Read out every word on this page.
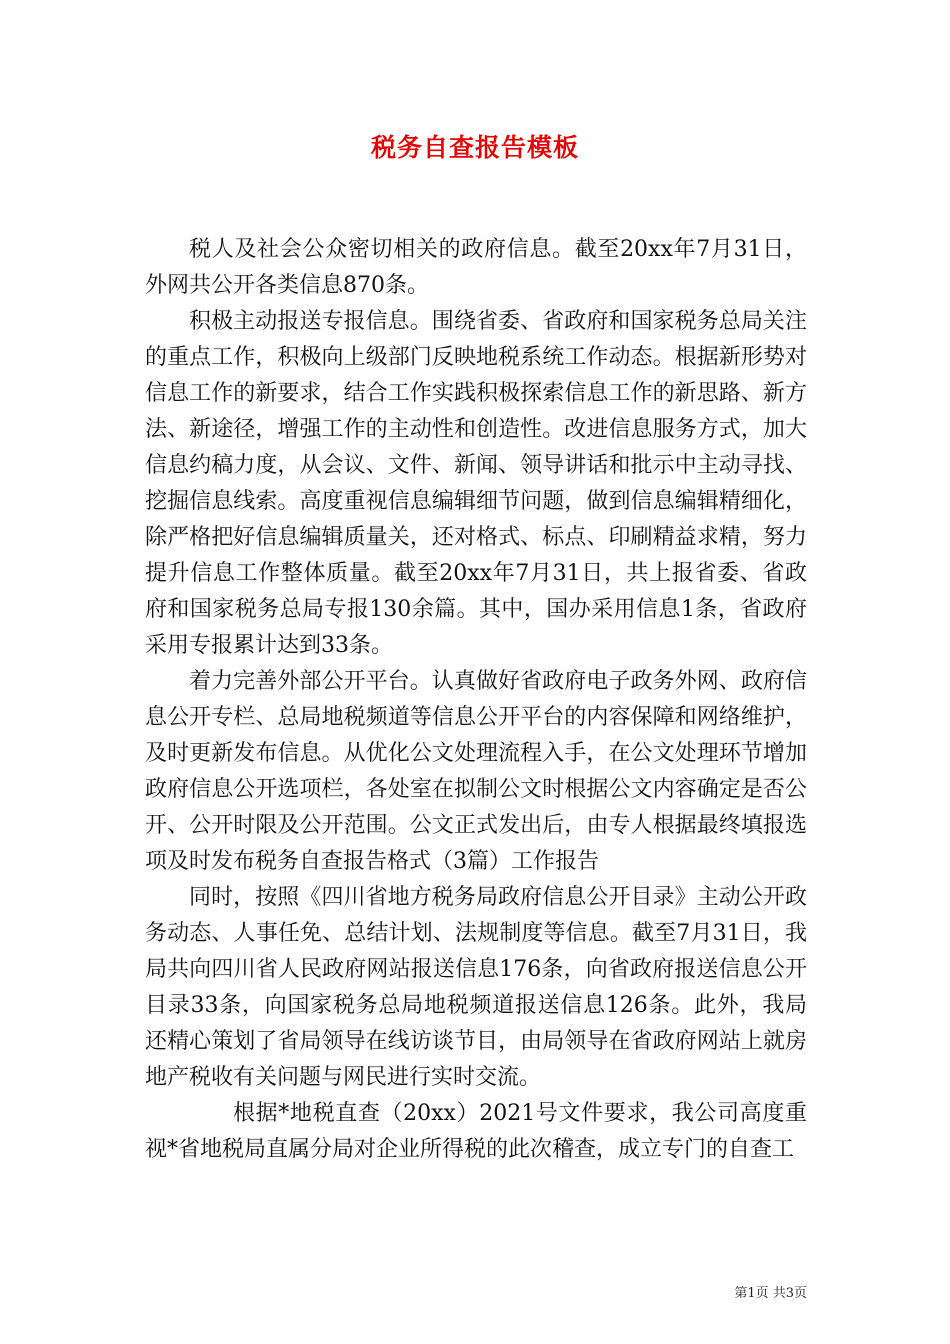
税务自查报告模板

税人及社会公众密切相关的政府信息。截至20xx年7月31日，外网共公开各类信息870条。

积极主动报送专报信息。围绕省委、省政府和国家税务总局关注的重点工作，积极向上级部门反映地税系统工作动态。根据新形势对信息工作的新要求，结合工作实践积极探索信息工作的新思路、新方法、新途径，增强工作的主动性和创造性。改进信息服务方式，加大信息约稿力度，从会议、文件、新闻、领导讲话和批示中主动寻找、挖掘信息线索。高度重视信息编辑细节问题，做到信息编辑精细化，除严格把好信息编辑质量关，还对格式、标点、印刷精益求精，努力提升信息工作整体质量。截至20xx年7月31日，共上报省委、省政府和国家税务总局专报130余篇。其中，国办采用信息1条，省政府采用专报累计达到33条。

着力完善外部公开平台。认真做好省政府电子政务外网、政府信息公开专栏、总局地税频道等信息公开平台的内容保障和网络维护，及时更新发布信息。从优化公文处理流程入手，在公文处理环节增加政府信息公开选项栏，各处室在拟制公文时根据公文内容确定是否公开、公开时限及公开范围。公文正式发出后，由专人根据最终填报选项及时发布税务自查报告格式（3篇）工作报告

同时，按照《四川省地方税务局政府信息公开目录》主动公开政务动态、人事任免、总结计划、法规制度等信息。截至7月31日，我局共向四川省人民政府网站报送信息176条，向省政府报送信息公开目录33条，向国家税务总局地税频道报送信息126条。此外，我局还精心策划了省局领导在线访谈节目，由局领导在省政府网站上就房地产税收有关问题与网民进行实时交流。

根据*地税直查（20xx）2021号文件要求，我公司高度重视*省地税局直属分局对企业所得税的此次稽查，成立专门的自查工

第1页 共3页
